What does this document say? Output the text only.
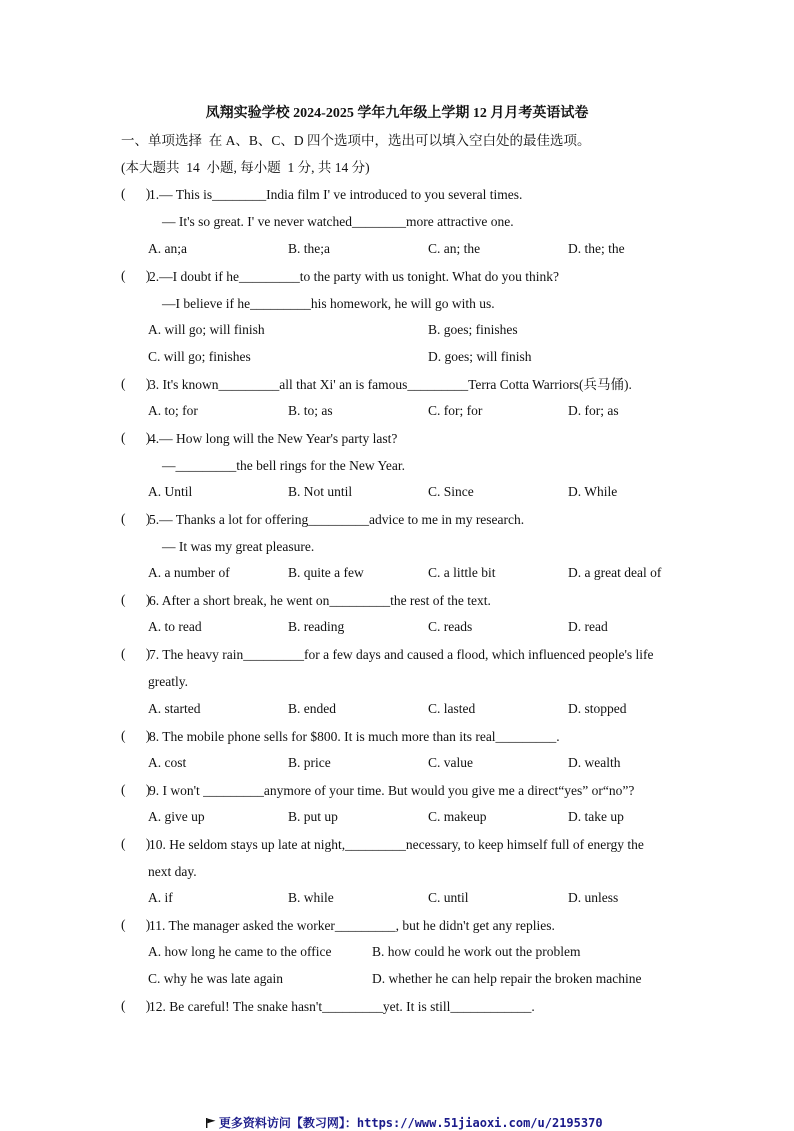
凤翔实验学校 2024-2025 学年九年级上学期 12 月月考英语试卷
一、单项选择  在 A、B、C、D 四个选项中，选出可以填入空白处的最佳选项。
(本大题共  14  小题, 每小题  1 分, 共 14 分)
(      )
1.— This is________India film I' ve introduced to you several times.
— It's so great. I' ve never watched________more attractive one.
A. an;a	B. the;a	C. an; the	D. the; the
(      )
2.—I doubt if he_________to the party with us tonight. What do you think?
—I believe if he_________his homework, he will go with us.
A. will go; will finish	B. goes; finishes
C. will go; finishes	D. goes; will finish
(      )
3. It's known_________all that Xi' an is famous_________Terra Cotta Warriors(兵马俑).
A. to; for	B. to; as	C. for; for	D. for; as
(      )
4.— How long will the New Year's party last?
—_________the bell rings for the New Year.
A. Until	B. Not until	C. Since	D. While
(      )
5.— Thanks a lot for offering_________advice to me in my research.
— It was my great pleasure.
A. a number of	B. quite a few	C. a little bit	D. a great deal of
(      )
6. After a short break, he went on_________the rest of the text.
A. to read	B. reading	C. reads	D. read
(      )
7. The heavy rain_________for a few days and caused a flood, which influenced people's life
greatly.
A. started	B. ended	C. lasted	D. stopped
(      )
8. The mobile phone sells for $800. It is much more than its real_________.
A. cost	B. price	C. value	D. wealth
(      )
9. I won't _________anymore of your time. But would you give me a direct“yes” or“no”?
A. give up	B. put up	C. makeup	D. take up
(      )
10. He seldom stays up late at night,_________necessary, to keep himself full of energy the
next day.
A. if	B. while	C. until	D. unless
(      )
11. The manager asked the worker_________, but he didn't get any replies.
A. how long he came to the office	B. how could he work out the problem
C. why he was late again	D. whether he can help repair the broken machine
(      )
12. Be careful! The snake hasn't_________yet. It is still____________.

更多资料访问【教习网】：https://www.51jiaoxi.com/u/2195370
